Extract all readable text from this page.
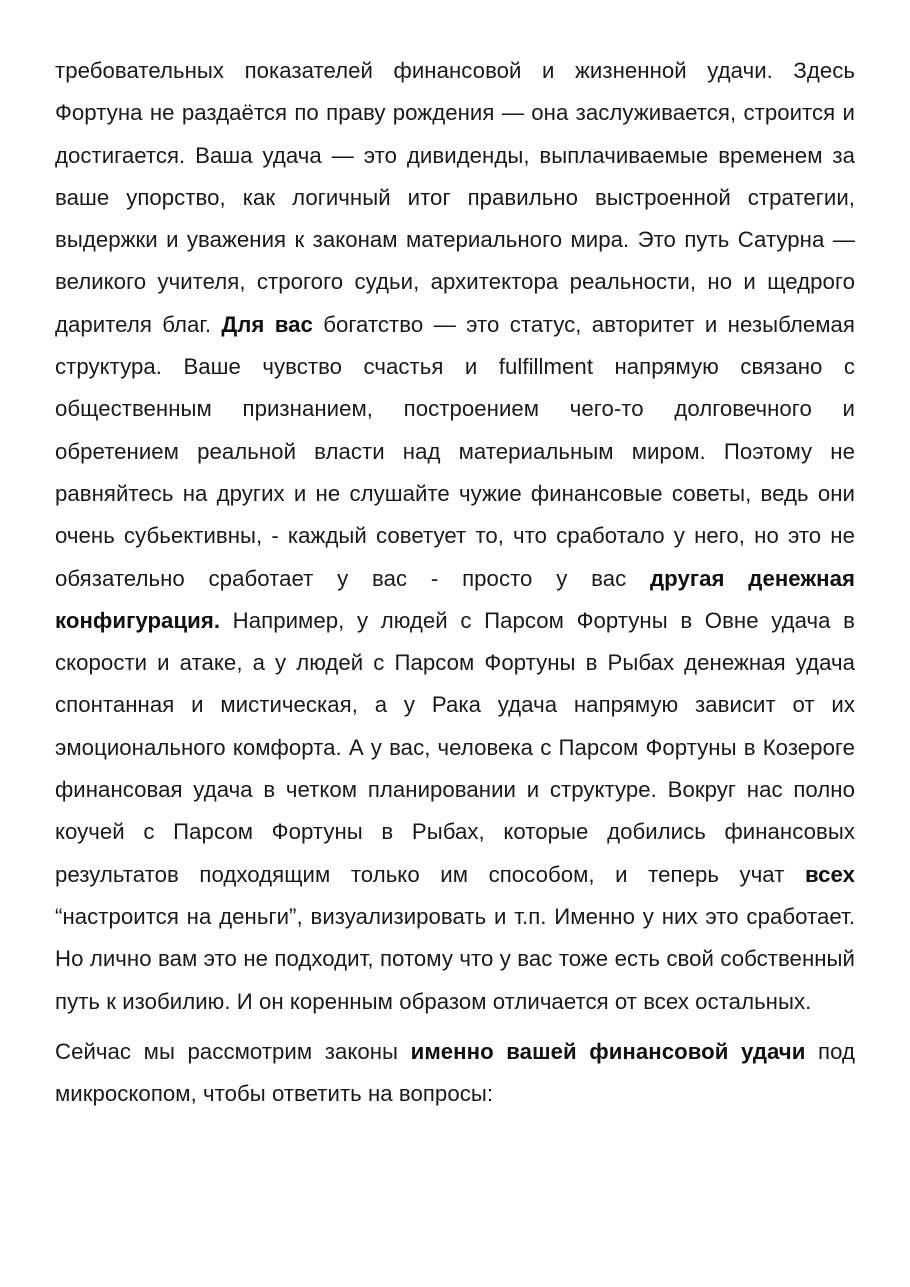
требовательных показателей финансовой и жизненной удачи. Здесь Фортуна не раздаётся по праву рождения — она заслуживается, строится и достигается. Ваша удача — это дивиденды, выплачиваемые временем за ваше упорство, как логичный итог правильно выстроенной стратегии, выдержки и уважения к законам материального мира. Это путь Сатурна — великого учителя, строгого судьи, архитектора реальности, но и щедрого дарителя благ. Для вас богатство — это статус, авторитет и незыблемая структура. Ваше чувство счастья и fulfillment напрямую связано с общественным признанием, построением чего-то долговечного и обретением реальной власти над материальным миром. Поэтому не равняйтесь на других и не слушайте чужие финансовые советы, ведь они очень субьективны, - каждый советует то, что сработало у него, но это не обязательно сработает у вас - просто у вас другая денежная конфигурация. Например, у людей с Парсом Фортуны в Овне удача в скорости и атаке, а у людей с Парсом Фортуны в Рыбах денежная удача спонтанная и мистическая, а у Рака удача напрямую зависит от их эмоционального комфорта. А у вас, человека с Парсом Фортуны в Козероге финансовая удача в четком планировании и структуре. Вокруг нас полно коучей с Парсом Фортуны в Рыбах, которые добились финансовых результатов подходящим только им способом, и теперь учат всех “настроится на деньги”, визуализировать и т.п. Именно у них это сработает. Но лично вам это не подходит, потому что у вас тоже есть свой собственный путь к изобилию. И он коренным образом отличается от всех остальных.

Сейчас мы рассмотрим законы именно вашей финансовой удачи под микроскопом, чтобы ответить на вопросы:
